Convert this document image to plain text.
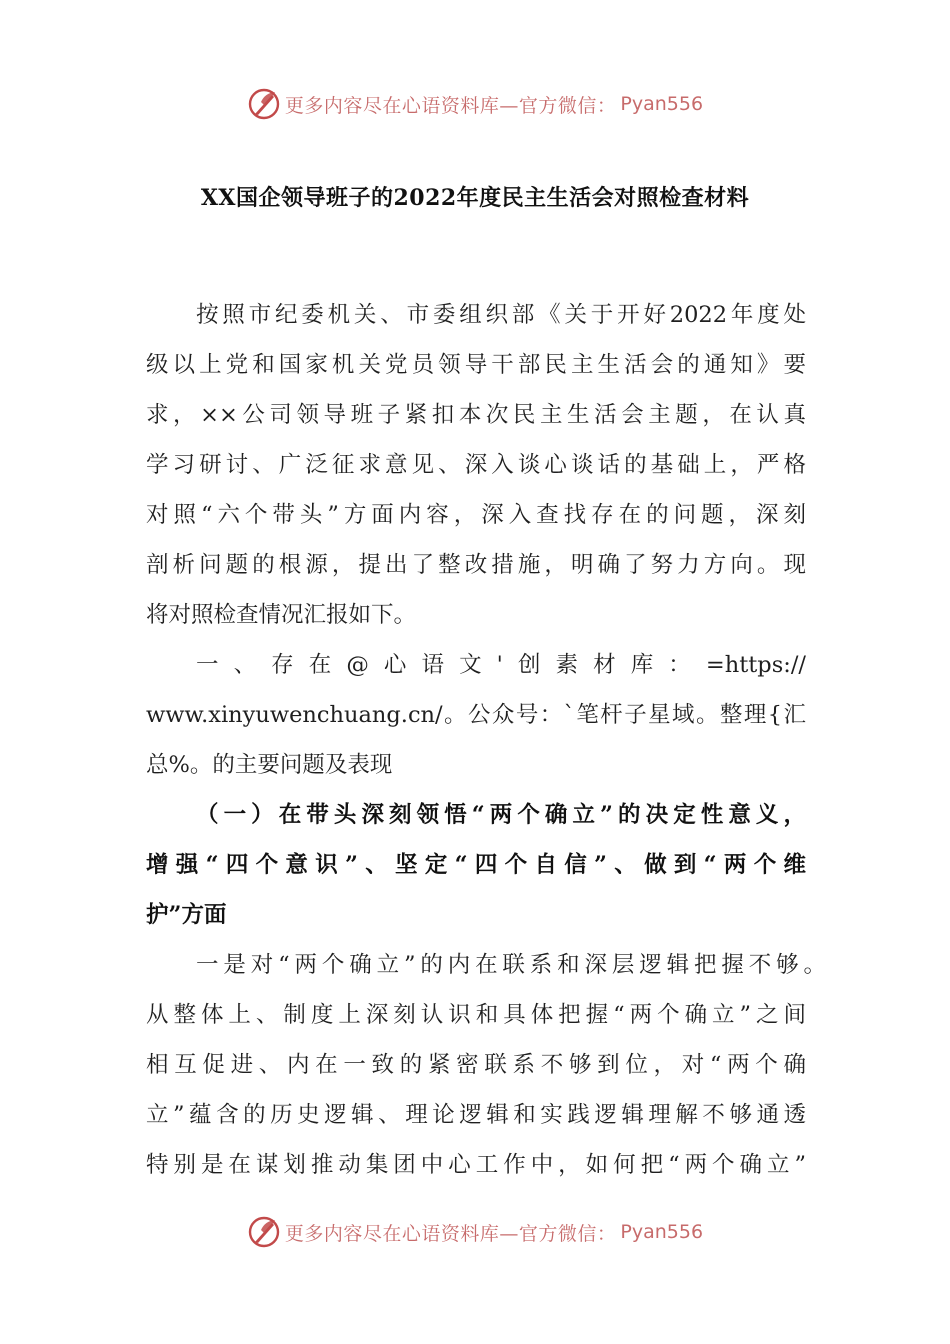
更多内容尽在心语资料库—官方微信： Pyan556
XX国企领导班子的2022年度民主生活会对照检查材料
按照市纪委机关、市委组织部《关于开好2022年度处
级以上党和国家机关党员领导干部民主生活会的通知》要
求，××公司领导班子紧扣本次民主生活会主题，在认真
学习研讨、广泛征求意见、深入谈心谈话的基础上，严格
对照“六个带头”方面内容，深入查找存在的问题，深刻
剖析问题的根源，提出了整改措施，明确了努力方向。现
将对照检查情况汇报如下。
一、存在@心语文'创素材库：=https://
www.xinyuwenchuang.cn/。公众号：`笔杆子星域。整理{汇
总%。的主要问题及表现
（一）在带头深刻领悟“两个确立”的决定性意义，
增强“四个意识”、坚定“四个自信”、做到“两个维
护”方面
一是对“两个确立”的内在联系和深层逻辑把握不够。
从整体上、制度上深刻认识和具体把握“两个确立”之间
相互促进、内在一致的紧密联系不够到位，对“两个确
立”蕴含的历史逻辑、理论逻辑和实践逻辑理解不够通透
特别是在谋划推动集团中心工作中，如何把“两个确立”
更多内容尽在心语资料库—官方微信： Pyan556
